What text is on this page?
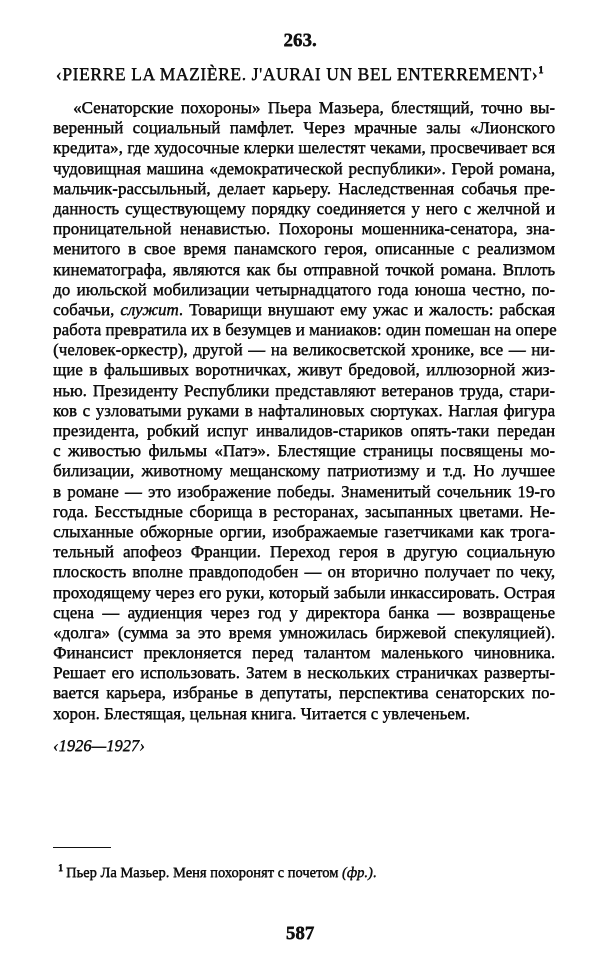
263.
‹PIERRE LA MAZIÈRE. J'AURAI UN BEL ENTERREMENT›$^1$
«Сенаторские похороны» Пьера Мазьера, блестящий, точно вы-
веренный социальный памфлет. Через мрачные залы «Лионского
кредита», где худосочные клерки шелестят чеками, просвечивает вся
чудовищная машина «демократической республики». Герой романа,
мальчик-рассыльный, делает карьеру. Наследственная собачья пре-
данность существующему порядку соединяется у него с желчной и
проницательной ненавистью. Похороны мошенника-сенатора, зна-
менитого в свое время панамского героя, описанные с реализмом
кинематографа, являются как бы отправной точкой романа. Вплоть
до июльской мобилизации четырнадцатого года юноша честно, по-
собачьи, служит. Товарищи внушают ему ужас и жалость: рабская
работа превратила их в безумцев и маниаков: один помешан на опере
(человек-оркестр), другой — на великосветской хронике, все — ни-
щие в фальшивых воротничках, живут бредовой, иллюзорной жиз-
нью. Президенту Республики представляют ветеранов труда, стари-
ков с узловатыми руками в нафталиновых сюртуках. Наглая фигура
президента, робкий испуг инвалидов-стариков опять-таки передан
с живостью фильмы «Патэ». Блестящие страницы посвящены мо-
билизации, животному мещанскому патриотизму и т.д. Но лучшее
в романе — это изображение победы. Знаменитый сочельник 19-го
года. Бесстыдные сборища в ресторанах, засыпанных цветами. Не-
слыханные обжорные оргии, изображаемые газетчиками как трога-
тельный апофеоз Франции. Переход героя в другую социальную
плоскость вполне правдоподобен — он вторично получает по чеку,
проходящему через его руки, который забыли инкассировать. Острая
сцена — аудиенция через год у директора банка — возвращенье
«долга» (сумма за это время умножилась биржевой спекуляцией).
Финансист преклоняется перед талантом маленького чиновника.
Решает его использовать. Затем в нескольких страничках разверты-
вается карьера, избранье в депутаты, перспектива сенаторских по-
хорон. Блестящая, цельная книга. Читается с увлеченьем.
‹1926—1927›
$^1$ Пьер Ла Мазьер. Меня похоронят с почетом (фр.).
587
